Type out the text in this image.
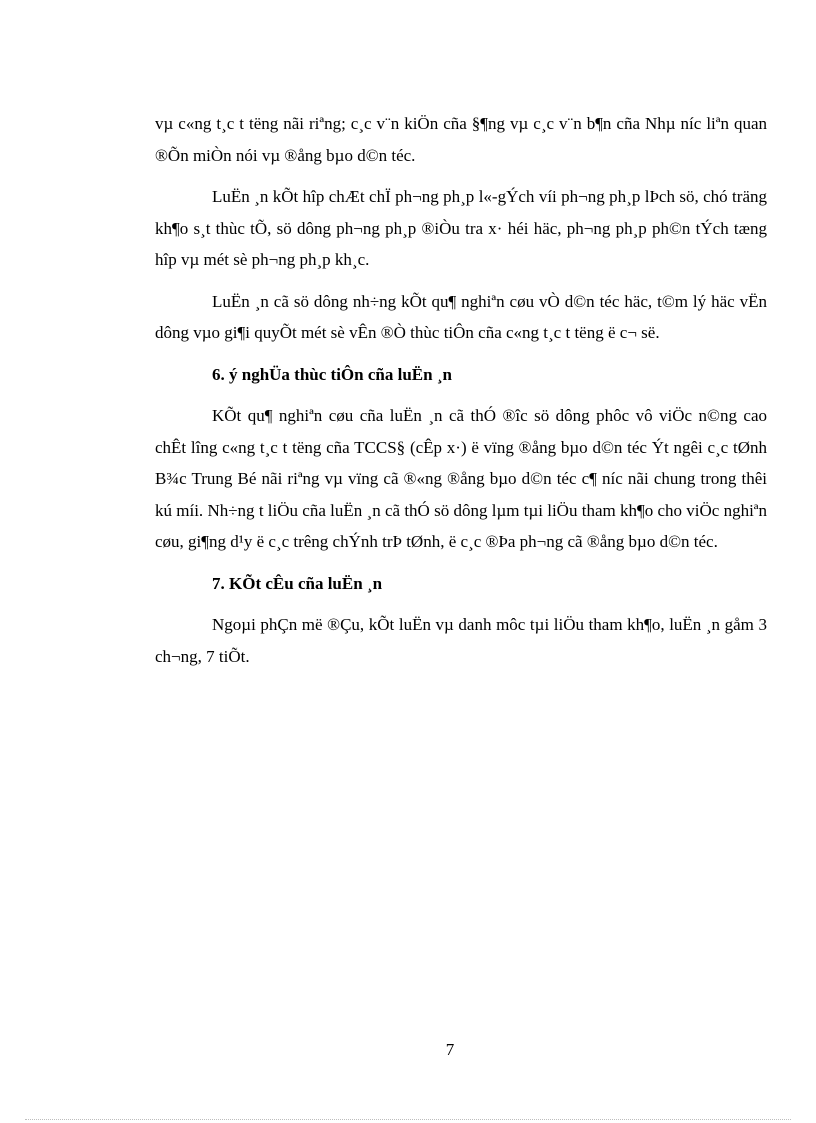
vµ c«ng t¸c t tëng nãi riªng; c¸c v¨n kiÖn cña §¶ng vµ c¸c v¨n b¶n cña Nhµ níc liªn quan ®Õn miÒn nói vµ ®ång bµo d©n téc.

LuËn ¸n kÕt hîp chÆt chÏ ph¬ng ph¸p l«-gÝch víi ph¬ng ph¸p lÞch sö, chó träng kh¶o s¸t thùc tÕ, sö dông ph¬ng ph¸p ®iÒu tra x· héi häc, ph¬ng ph¸p ph©n tÝch tæng hîp vµ mét sè ph¬ng ph¸p kh¸c.

LuËn ¸n cã sö dông nh÷ng kÕt qu¶ nghiªn cøu vÒ d©n téc häc, t©m lý häc vËn dông vµo gi¶i quyÕt mét sè vÊn ®Ò thùc tiÔn cña c«ng t¸c t tëng ë c¬ së.

6. ý nghÜa thùc tiÔn cña luËn ¸n

KÕt qu¶ nghiªn cøu cña luËn ¸n cã thÓ ®îc sö dông phôc vô viÖc n©ng cao chÊt lîng c«ng t¸c t tëng cña TCCS§ (cÊp x·) ë vïng ®ång bµo d©n téc Ýt ngêi c¸c tØnh B¾c Trung Bé nãi riªng vµ vïng cã ®«ng ®ång bµo d©n téc c¶ níc nãi chung trong thêi kú míi. Nh÷ng t liÖu cña luËn ¸n cã thÓ sö dông lµm tµi liÖu tham kh¶o cho viÖc nghiªn cøu, gi¶ng d¹y ë c¸c trêng chÝnh trÞ tØnh, ë c¸c ®Þa ph¬ng cã ®ång bµo d©n téc.

7. KÕt cÊu cña luËn ¸n

Ngoµi phÇn më ®Çu, kÕt luËn vµ danh môc tµi liÖu tham kh¶o, luËn ¸n gåm 3 ch¬ng, 7 tiÕt.

7
